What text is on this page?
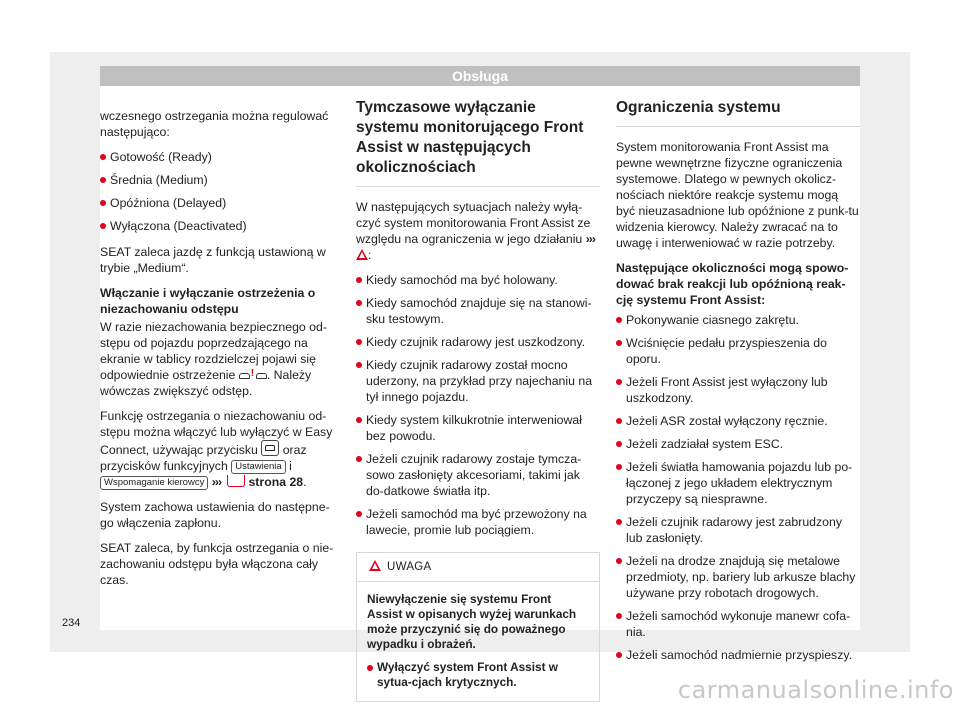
Obsługa

wczesnego ostrzegania można regulować następująco:

Gotowość (Ready)
Średnia (Medium)
Opóźniona (Delayed)
Wyłączona (Deactivated)

SEAT zaleca jazdę z funkcją ustawioną w trybie „Medium“.

Włączanie i wyłączanie ostrzeżenia o niezachowaniu odstępu

W razie niezachowania bezpiecznego od-stępu od pojazdu poprzedzającego na ekranie w tablicy rozdzielczej pojawi się odpowiednie ostrzeżenie ! . Należy wówczas zwiększyć odstęp.

Funkcję ostrzegania o niezachowaniu od-stępu można włączyć lub wyłączyć w Easy Connect, używając przycisku oraz przycisków funkcyjnych Ustawienia i Wspomaganie kierowcy ››› strona 28.

System zachowa ustawienia do następne-go włączenia zapłonu.

SEAT zaleca, by funkcja ostrzegania o nie-zachowaniu odstępu była włączona cały czas.

Tymczasowe wyłączanie systemu monitorującego Front Assist w następujących okolicznościach

W następujących sytuacjach należy wyłą-czyć system monitorowania Front Assist ze względu na ograniczenia w jego działaniu ››› :

Kiedy samochód ma być holowany.
Kiedy samochód znajduje się na stanowi-sku testowym.
Kiedy czujnik radarowy jest uszkodzony.
Kiedy czujnik radarowy został mocno uderzony, na przykład przy najechaniu na tył innego pojazdu.
Kiedy system kilkukrotnie interweniował bez powodu.
Jeżeli czujnik radarowy zostaje tymcza-sowo zasłonięty akcesoriami, takimi jak do-datkowe światła itp.
Jeżeli samochód ma być przewożony na lawecie, promie lub pociągiem.
UWAGA

Niewyłączenie się systemu Front Assist w opisanych wyżej warunkach może przyczynić się do poważnego wypadku i obrażeń.

Wyłączyć system Front Assist w sytua-cjach krytycznych.
Ograniczenia systemu

System monitorowania Front Assist ma pewne wewnętrzne fizyczne ograniczenia systemowe. Dlatego w pewnych okolicz-nościach niektóre reakcje systemu mogą być nieuzasadnione lub opóźnione z punk-tu widzenia kierowcy. Należy zwracać na to uwagę i interweniować w razie potrzeby.

Następujące okoliczności mogą spowo-dować brak reakcji lub opóźnioną reak-cję systemu Front Assist:

Pokonywanie ciasnego zakrętu.
Wciśnięcie pedału przyspieszenia do oporu.
Jeżeli Front Assist jest wyłączony lub uszkodzony.
Jeżeli ASR został wyłączony ręcznie.
Jeżeli zadziałał system ESC.
Jeżeli światła hamowania pojazdu lub po-łączonej z jego układem elektrycznym przyczepy są niesprawne.
Jeżeli czujnik radarowy jest zabrudzony lub zasłonięty.
Jeżeli na drodze znajdują się metalowe przedmioty, np. bariery lub arkusze blachy używane przy robotach drogowych.
Jeżeli samochód wykonuje manewr cofa-nia.
Jeżeli samochód nadmiernie przyspieszy.
234
carmanualsonline.info
